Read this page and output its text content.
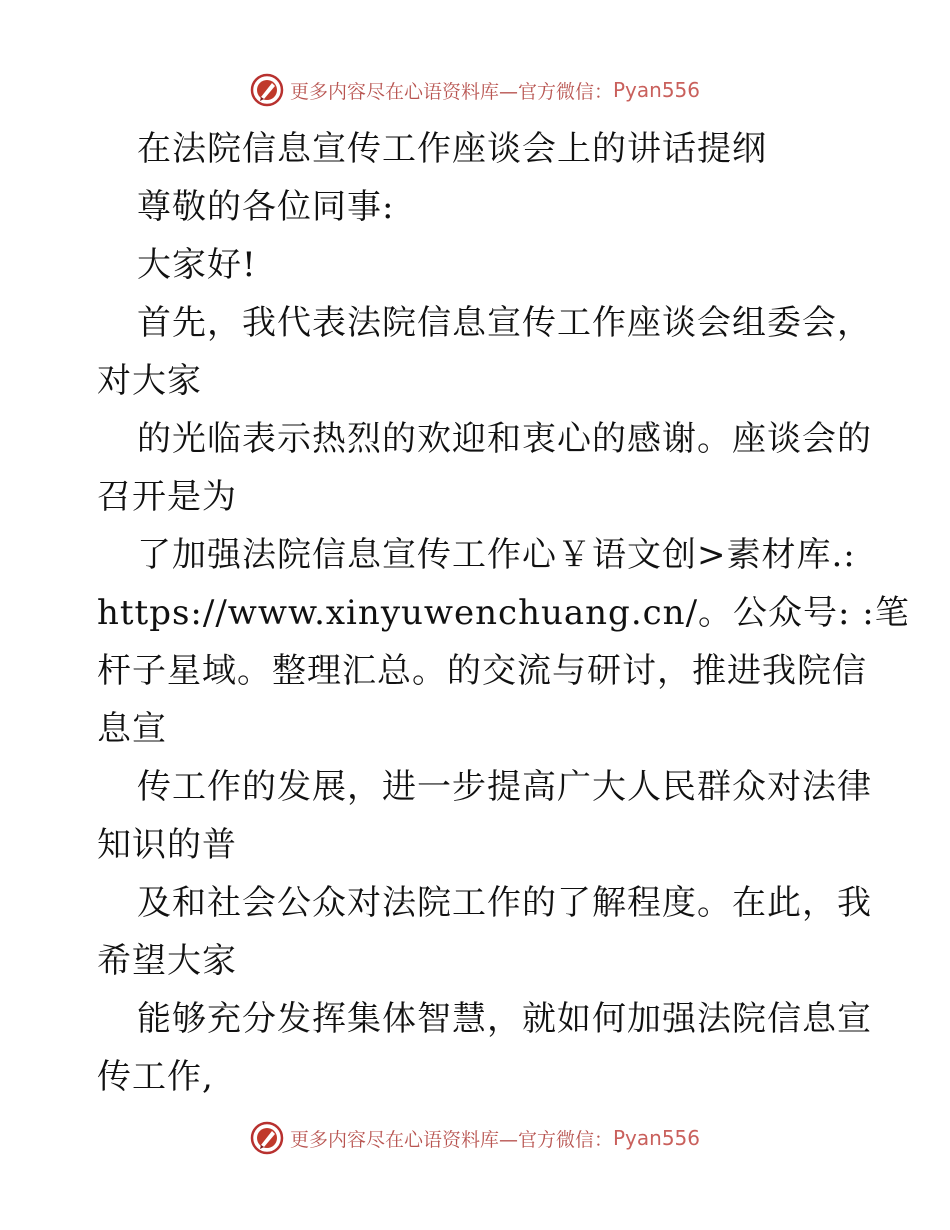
更多内容尽在心语资料库—官方微信： Pyan556
在法院信息宣传工作座谈会上的讲话提纲
尊敬的各位同事:
大家好!
首先，我代表法院信息宣传工作座谈会组委会，
对大家
的光临表示热烈的欢迎和衷心的感谢。座谈会的
召开是为
了加强法院信息宣传工作心￥语文创>素材库.:
https://www.xinyuwenchuang.cn/。公众号: :笔
杆子星域。整理汇总。的交流与研讨，推进我院信
息宣
传工作的发展，进一步提高广大人民群众对法律
知识的普
及和社会公众对法院工作的了解程度。在此，我
希望大家
能够充分发挥集体智慧，就如何加强法院信息宣
传工作,
更多内容尽在心语资料库—官方微信： Pyan556
